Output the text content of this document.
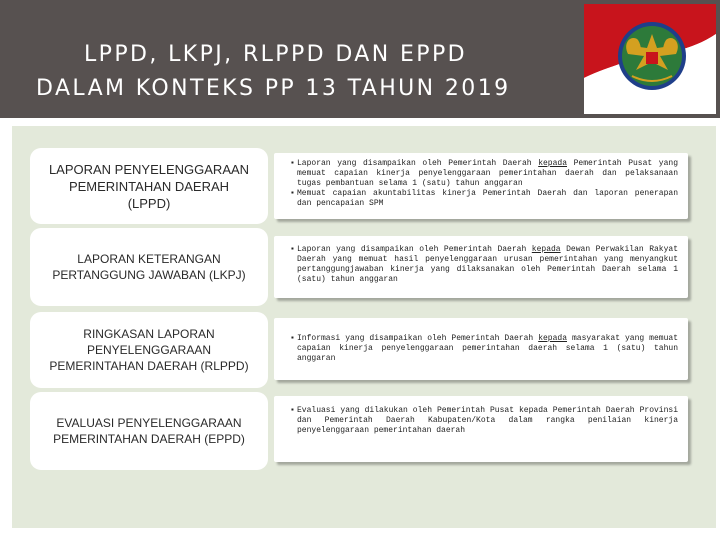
LPPD, LKPJ, RLPPD DAN EPPD
DALAM KONTEKS PP 13 TAHUN 2019
LAPORAN PENYELENGGARAAN
PEMERINTAHAN DAERAH
(LPPD)
▪ Laporan yang disampaikan oleh Pemerintah Daerah kepada Pemerintah Pusat yang memuat capaian kinerja penyelenggaraan pemerintahan daerah dan pelaksanaan tugas pembantuan selama 1 (satu) tahun anggaran
▪ Memuat capaian akuntabilitas kinerja Pemerintah Daerah dan laporan penerapan dan pencapaian SPM
LAPORAN KETERANGAN
PERTANGGUNG JAWABAN (LKPJ)
▪ Laporan yang disampaikan oleh Pemerintah Daerah kepada Dewan Perwakilan Rakyat Daerah yang memuat hasil penyelenggaraan urusan pemerintahan yang menyangkut pertanggungjawaban kinerja yang dilaksanakan oleh Pemerintah Daerah selama 1 (satu) tahun anggaran
RINGKASAN LAPORAN
PENYELENGGARAAN
PEMERINTAHAN DAERAH (RLPPD)
▪ Informasi yang disampaikan oleh Pemerintah Daerah kepada masyarakat yang memuat capaian kinerja penyelenggaraan pemerintahan daerah selama 1 (satu) tahun anggaran
EVALUASI PENYELENGGARAAN
PEMERINTAHAN DAERAH (EPPD)
▪ Evaluasi yang dilakukan oleh Pemerintah Pusat kepada Pemerintah Daerah Provinsi dan Pemerintah Daerah Kabupaten/Kota dalam rangka penilaian kinerja penyelenggaraan pemerintahan daerah
